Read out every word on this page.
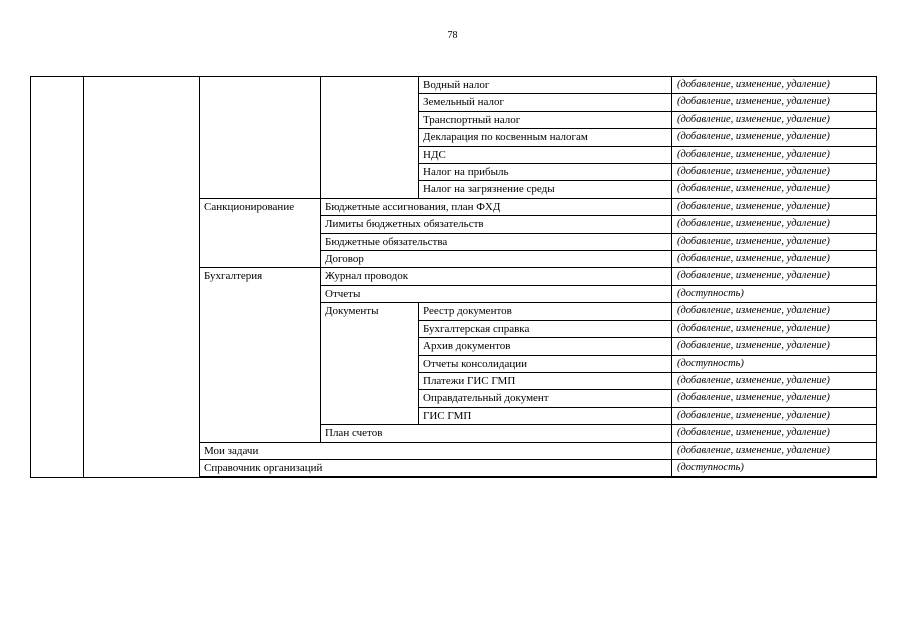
78
				Водный налог	(добавление, изменение, удаление)
				Земельный налог	(добавление, изменение, удаление)
				Транспортный налог	(добавление, изменение, удаление)
				Декларация по косвенным налогам	(добавление, изменение, удаление)
				НДС	(добавление, изменение, удаление)
				Налог на прибыль	(добавление, изменение, удаление)
				Налог на загрязнение среды	(добавление, изменение, удаление)
		Санкционирование	Бюджетные ассигнования, план ФХД		(добавление, изменение, удаление)
			Лимиты бюджетных обязательств		(добавление, изменение, удаление)
			Бюджетные обязательства		(добавление, изменение, удаление)
			Договор		(добавление, изменение, удаление)
		Бухгалтерия	Журнал проводок		(добавление, изменение, удаление)
			Отчеты		(доступность)
			Документы	Реестр документов	(добавление, изменение, удаление)
				Бухгалтерская справка	(добавление, изменение, удаление)
				Архив документов	(добавление, изменение, удаление)
				Отчеты консолидации	(доступность)
				Платежи ГИС ГМП	(добавление, изменение, удаление)
				Оправдательный документ	(добавление, изменение, удаление)
				ГИС ГМП	(добавление, изменение, удаление)
			План счетов		(добавление, изменение, удаление)
		Мои задачи			(добавление, изменение, удаление)
		Справочник организаций			(доступность)
